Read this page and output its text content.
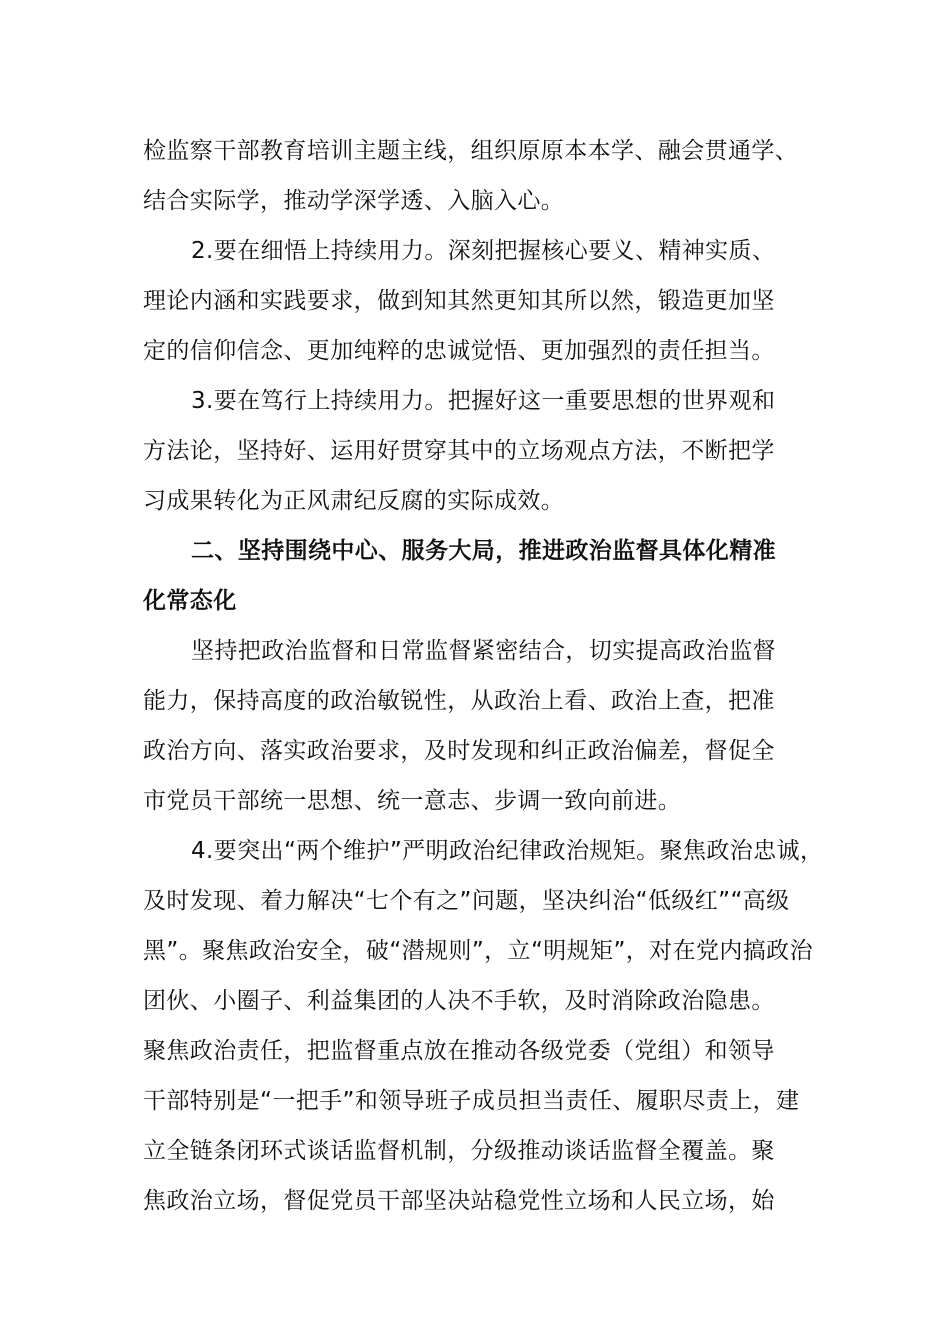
检监察干部教育培训主题主线，组织原原本本学、融会贯通学、
结合实际学，推动学深学透、入脑入心。
2.要在细悟上持续用力。深刻把握核心要义、精神实质、
理论内涵和实践要求，做到知其然更知其所以然，锻造更加坚
定的信仰信念、更加纯粹的忠诚觉悟、更加强烈的责任担当。
3.要在笃行上持续用力。把握好这一重要思想的世界观和
方法论，坚持好、运用好贯穿其中的立场观点方法，不断把学
习成果转化为正风肃纪反腐的实际成效。
二、坚持围绕中心、服务大局，推进政治监督具体化精准
化常态化
坚持把政治监督和日常监督紧密结合，切实提高政治监督
能力，保持高度的政治敏锐性，从政治上看、政治上查，把准
政治方向、落实政治要求，及时发现和纠正政治偏差，督促全
市党员干部统一思想、统一意志、步调一致向前进。
4.要突出“两个维护”严明政治纪律政治规矩。聚焦政治忠诚，
及时发现、着力解决“七个有之”问题，坚决纠治“低级红”“高级
黑”。聚焦政治安全，破“潜规则”，立“明规矩”，对在党内搞政治
团伙、小圈子、利益集团的人决不手软，及时消除政治隐患。
聚焦政治责任，把监督重点放在推动各级党委（党组）和领导
干部特别是“一把手”和领导班子成员担当责任、履职尽责上，建
立全链条闭环式谈话监督机制，分级推动谈话监督全覆盖。聚
焦政治立场，督促党员干部坚决站稳党性立场和人民立场，始
